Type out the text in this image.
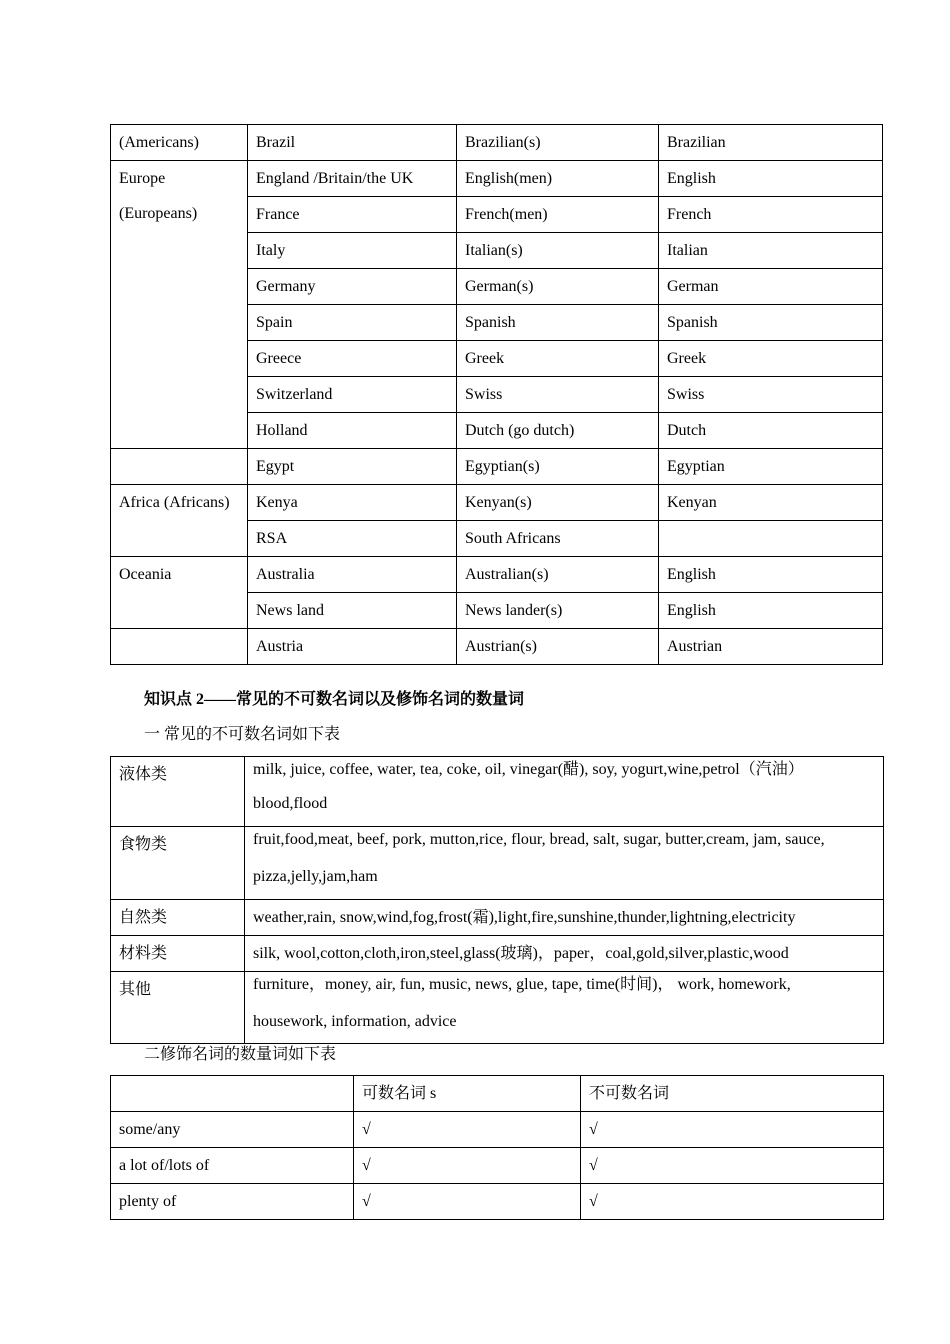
(Americans)	Brazil	Brazilian(s)	Brazilian

Europe
(Europeans)	England /Britain/the UK	English(men)	English
	France	French(men)	French
	Italy	Italian(s)	Italian
	Germany	German(s)	German
	Spain	Spanish	Spanish
	Greece	Greek	Greek
	Switzerland	Swiss	Swiss
	Holland	Dutch (go dutch)	Dutch
	Egypt	Egyptian(s)	Egyptian
Africa (Africans)	Kenya	Kenyan(s)	Kenyan
	RSA	South Africans	
Oceania	Australia	Australian(s)	English
	News land	News lander(s)	English
	Austria	Austrian(s)	Austrian
知识点 2——常见的不可数名词以及修饰名词的数量词
一 常见的不可数名词如下表
液体类	milk, juice, coffee, water, tea, coke, oil, vinegar(醋), soy, yogurt,wine,petrol（汽油）
blood,flood

食物类	fruit,food,meat, beef, pork, mutton,rice, flour, bread, salt, sugar, butter,cream, jam, sauce,
pizza,jelly,jam,ham

自然类	weather,rain, snow,wind,fog,frost(霜),light,fire,sunshine,thunder,lightning,electricity
材料类	silk, wool,cotton,cloth,iron,steel,glass(玻璃)，paper，coal,gold,silver,plastic,wood
其他	furniture，money, air, fun, music, news, glue, tape, time(时间)， work, homework,
housework, information, advice
二修饰名词的数量词如下表
	可数名词 s	不可数名词
some/any	√	√
a lot of/lots of	√	√
plenty of	√	√
